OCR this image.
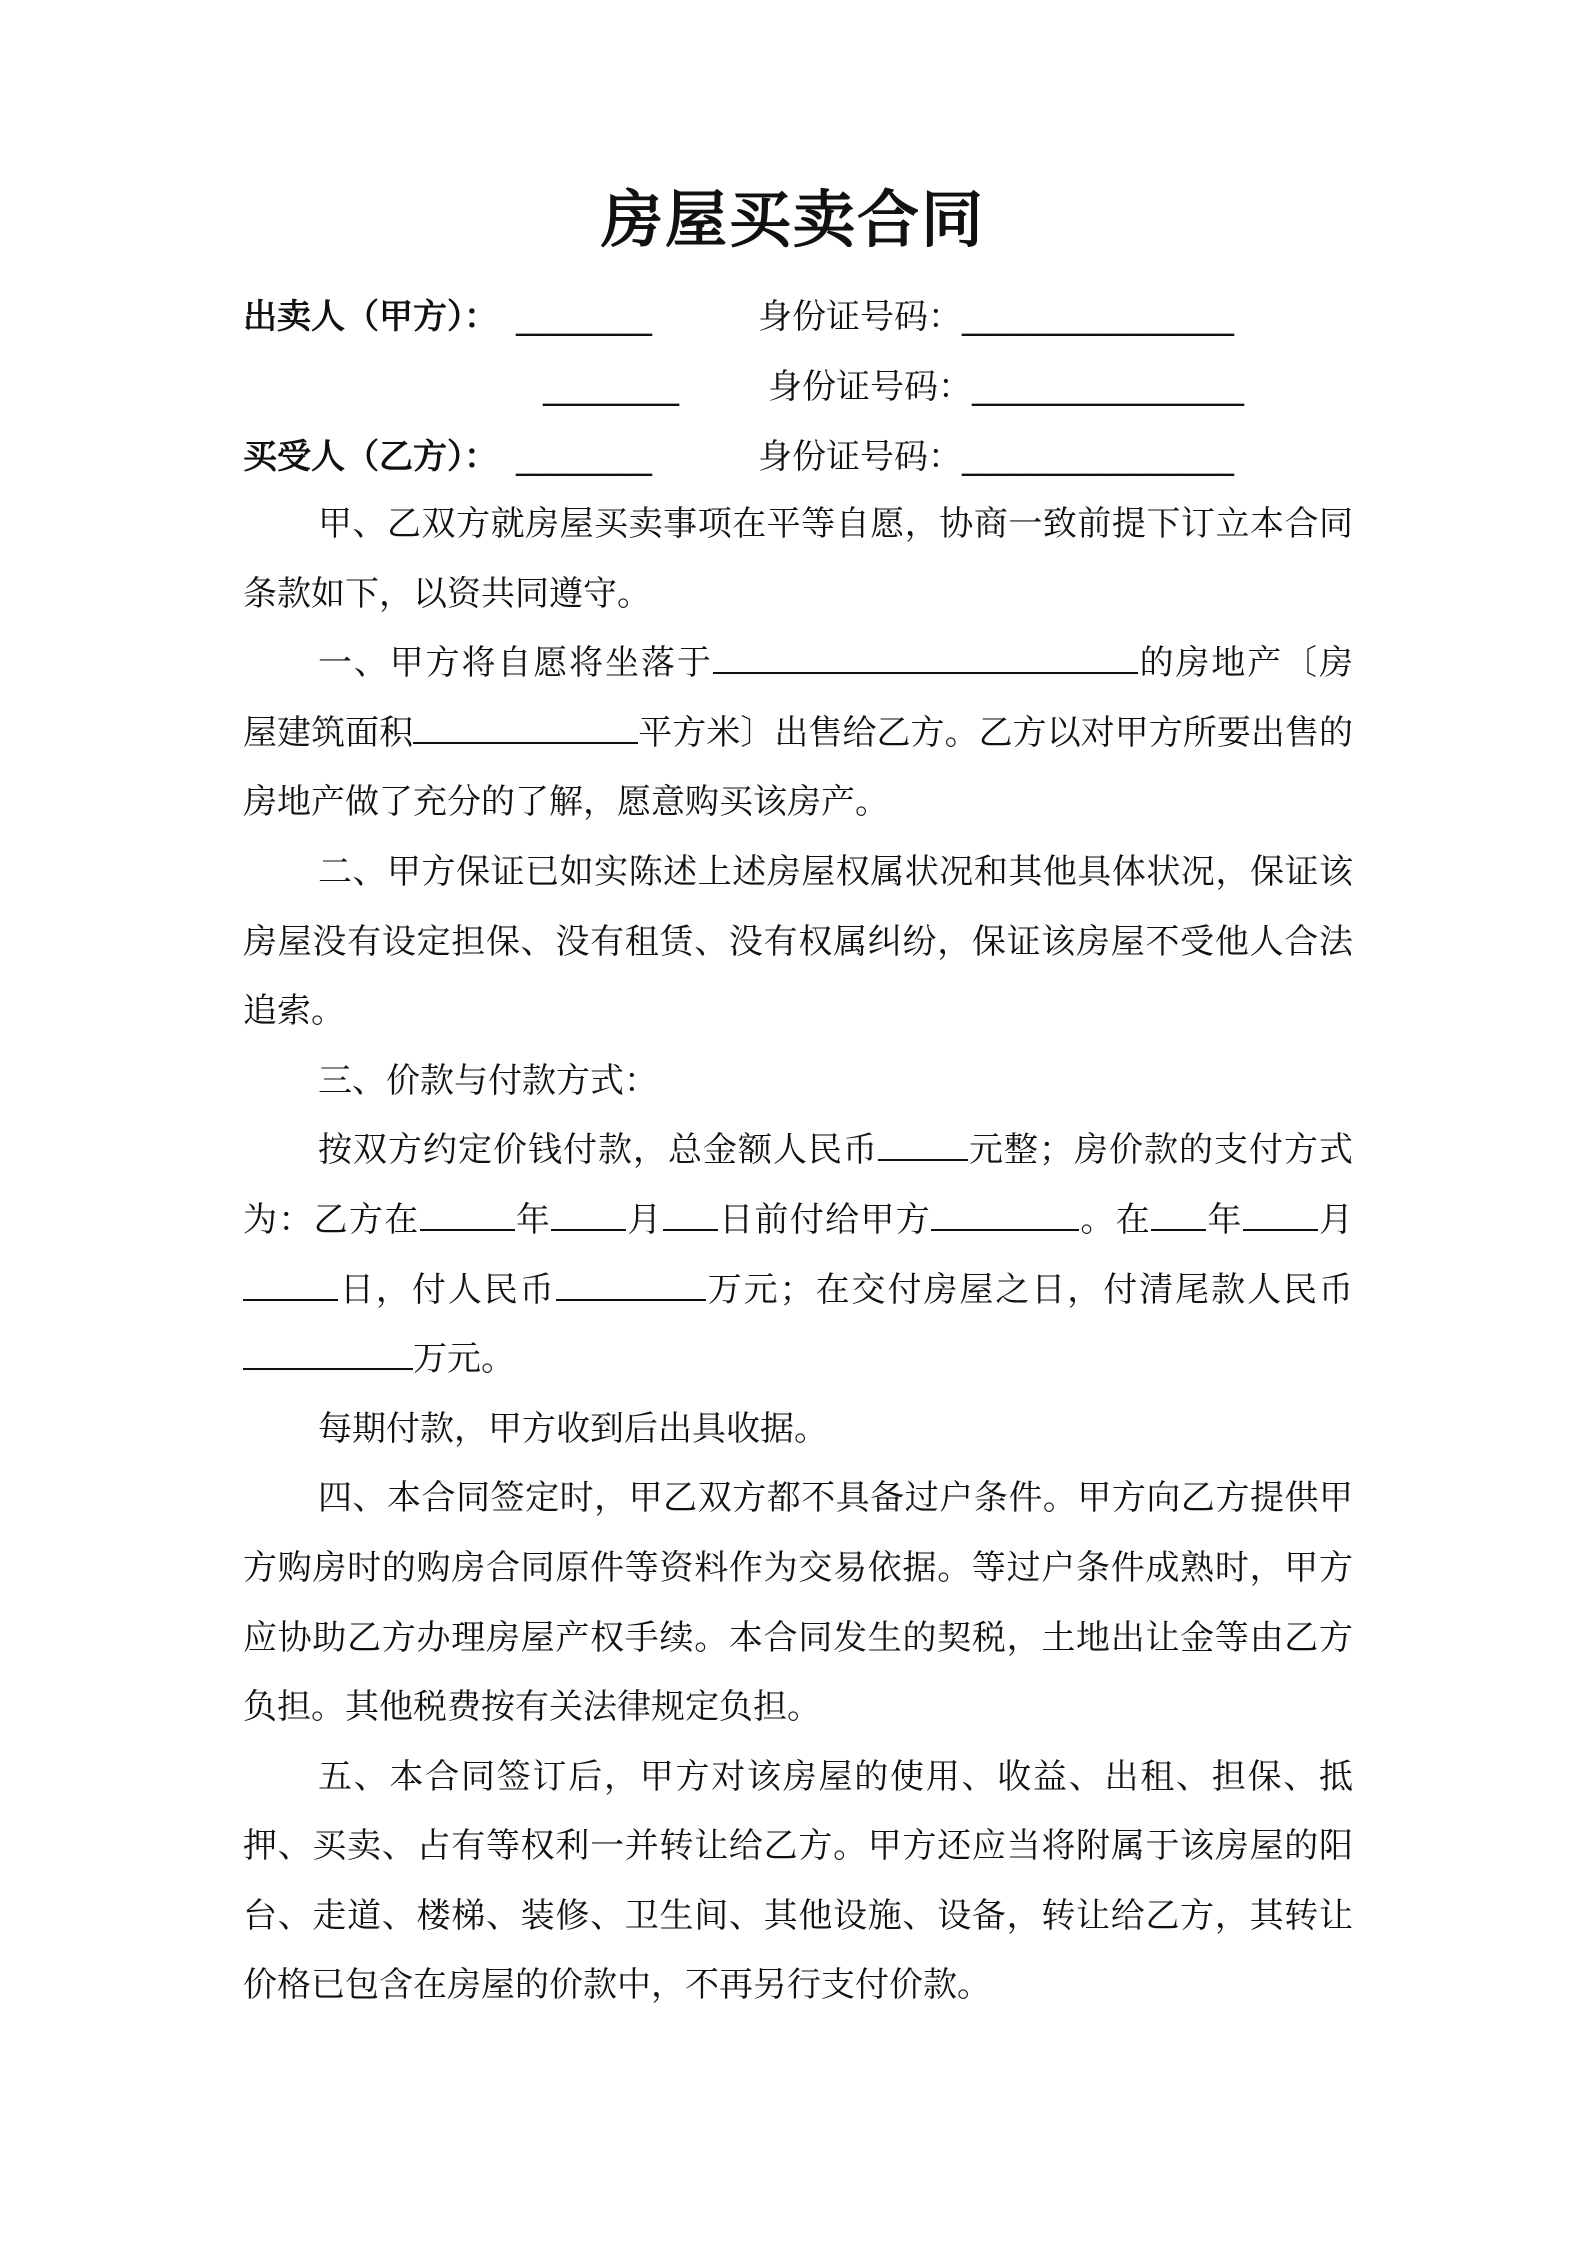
房屋买卖合同
出卖人（甲方）： ________	身份证号码：________________
________	身份证号码：________________
买受人（乙方）： ________	身份证号码：________________

甲、乙双方就房屋买卖事项在平等自愿，协商一致前提下订立本合同条款如下，以资共同遵守。

一、甲方将自愿将坐落于	的房地产〔房屋建筑面积	平方米〕出售给乙方。乙方以对甲方所要出售的房地产做了充分的了解，愿意购买该房产。

二、甲方保证已如实陈述上述房屋权属状况和其他具体状况，保证该房屋没有设定担保、没有租赁、没有权属纠纷，保证该房屋不受他人合法追索。

三、价款与付款方式：

按双方约定价钱付款，总金额人民币	元整；房价款的支付方式为：乙方在	年 月 日前付给甲方	。在 年 月日，付人民币	万元；在交付房屋之日，付清尾款人民币万元。

每期付款，甲方收到后出具收据。

四、本合同签定时，甲乙双方都不具备过户条件。甲方向乙方提供甲方购房时的购房合同原件等资料作为交易依据。等过户条件成熟时，甲方应协助乙方办理房屋产权手续。本合同发生的契税，土地出让金等由乙方负担。其他税费按有关法律规定负担。

五、本合同签订后，甲方对该房屋的使用、收益、出租、担保、抵押、买卖、占有等权利一并转让给乙方。甲方还应当将附属于该房屋的阳台、走道、楼梯、装修、卫生间、其他设施、设备，转让给乙方，其转让价格已包含在房屋的价款中，不再另行支付价款。
